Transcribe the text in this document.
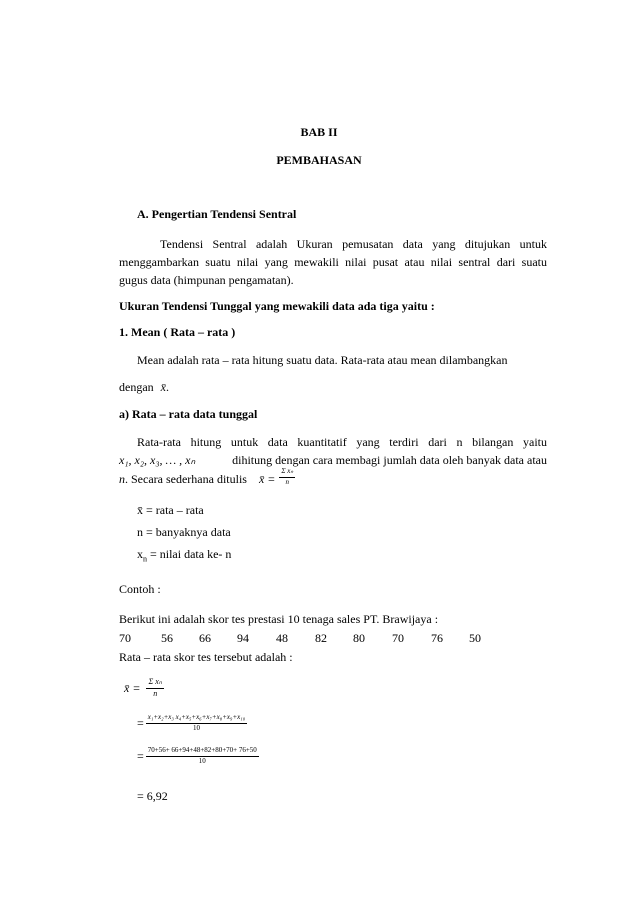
BAB II
PEMBAHASAN
A. Pengertian Tendensi Sentral
Tendensi Sentral adalah Ukuran pemusatan data yang ditujukan untuk
menggambarkan suatu nilai yang mewakili nilai pusat atau nilai sentral dari suatu
gugus data (himpunan pengamatan).
Ukuran Tendensi Tunggal yang mewakili data ada tiga yaitu :
1. Mean ( Rata – rata )
Mean adalah rata – rata hitung suatu data. Rata-rata atau mean dilambangkan
dengan x̄.
a) Rata – rata data tunggal
Rata-rata hitung untuk data kuantitatif yang terdiri dari n bilangan yaitu
x₁, x₂, x₃, … , xₙ	dihitung dengan cara membagi jumlah data oleh banyak data atau
n . Secara sederhana ditulis x̄ = $\frac{\text{Σ xₙ}}{n}$
x̄ = rata – rata
n = banyaknya data
$x_n$ = nilai data ke- n
Contoh :
Berikut ini adalah skor tes prestasi 10 tenaga sales PT. Brawijaya :
70	56 66 94 48 82 80 70 76 50
Rata – rata skor tes tersebut adalah :
x̄ = $\frac{\text{Σ xₙ}}{n}$
= $\frac{\text{x₁+x₂+x₃ x₄+x₅+x₆+x₇+x₈+x₉+x₁₀}}{10}$
= $\frac{70+56+ 66+94+48+82+80+70+ 76+50}{10}$
= 6,92
